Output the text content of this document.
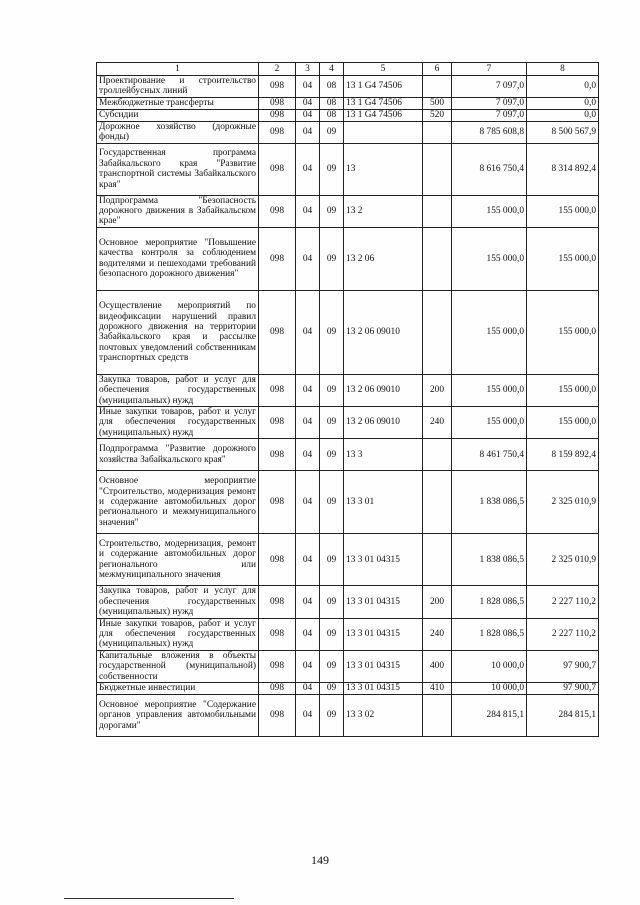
1	2	3	4	5	6	7	8
Проектирование и строительство троллейбусных линий	098	04	08	13 1 G4 74506		7 097,0	0,0
Межбюджетные трансферты	098	04	08	13 1 G4 74506	500	7 097,0	0,0
Субсидии	098	04	08	13 1 G4 74506	520	7 097,0	0,0
Дорожное хозяйство (дорожные фонды)	098	04	09			8 785 608,8	8 500 567,9
Государственная программа Забайкальского края "Развитие транспортной системы Забайкальского края"	098	04	09	13		8 616 750,4	8 314 892,4
Подпрограмма "Безопасность дорожного движения в Забайкальском крае"	098	04	09	13 2		155 000,0	155 000,0
Основное мероприятие "Повышение качества контроля за соблюдением водителями и пешеходами требований безопасного дорожного движения"	098	04	09	13 2 06		155 000,0	155 000,0
Осуществление мероприятий по видеофиксации нарушений правил дорожного движения на территории Забайкальского края и рассылке почтовых уведомлений собственникам транспортных средств	098	04	09	13 2 06 09010		155 000,0	155 000,0
Закупка товаров, работ и услуг для обеспечения государственных (муниципальных) нужд	098	04	09	13 2 06 09010	200	155 000,0	155 000,0
Иные закупки товаров, работ и услуг для обеспечения государственных (муниципальных) нужд	098	04	09	13 2 06 09010	240	155 000,0	155 000,0
Подпрограмма "Развитие дорожного хозяйства Забайкальского края"	098	04	09	13 3		8 461 750,4	8 159 892,4
Основное мероприятие "Строительство, модернизация ремонт и содержание автомобильных дорог регионального и межмуниципального значения"	098	04	09	13 3 01		1 838 086,5	2 325 010,9
Строительство, модернизация, ремонт и содержание автомобильных дорог регионального или межмуниципального значения	098	04	09	13 3 01 04315		1 838 086,5	2 325 010,9
Закупка товаров, работ и услуг для обеспечения государственных (муниципальных) нужд	098	04	09	13 3 01 04315	200	1 828 086,5	2 227 110,2
Иные закупки товаров, работ и услуг для обеспечения государственных (муниципальных) нужд	098	04	09	13 3 01 04315	240	1 828 086,5	2 227 110,2
Капитальные вложения в объекты государственной (муниципальной) собственности	098	04	09	13 3 01 04315	400	10 000,0	97 900,7
Бюджетные инвестиции	098	04	09	13 3 01 04315	410	10 000,0	97 900,7
Основное мероприятие "Содержание органов управления автомобильными дорогами"	098	04	09	13 3 02		284 815,1	284 815,1
149
